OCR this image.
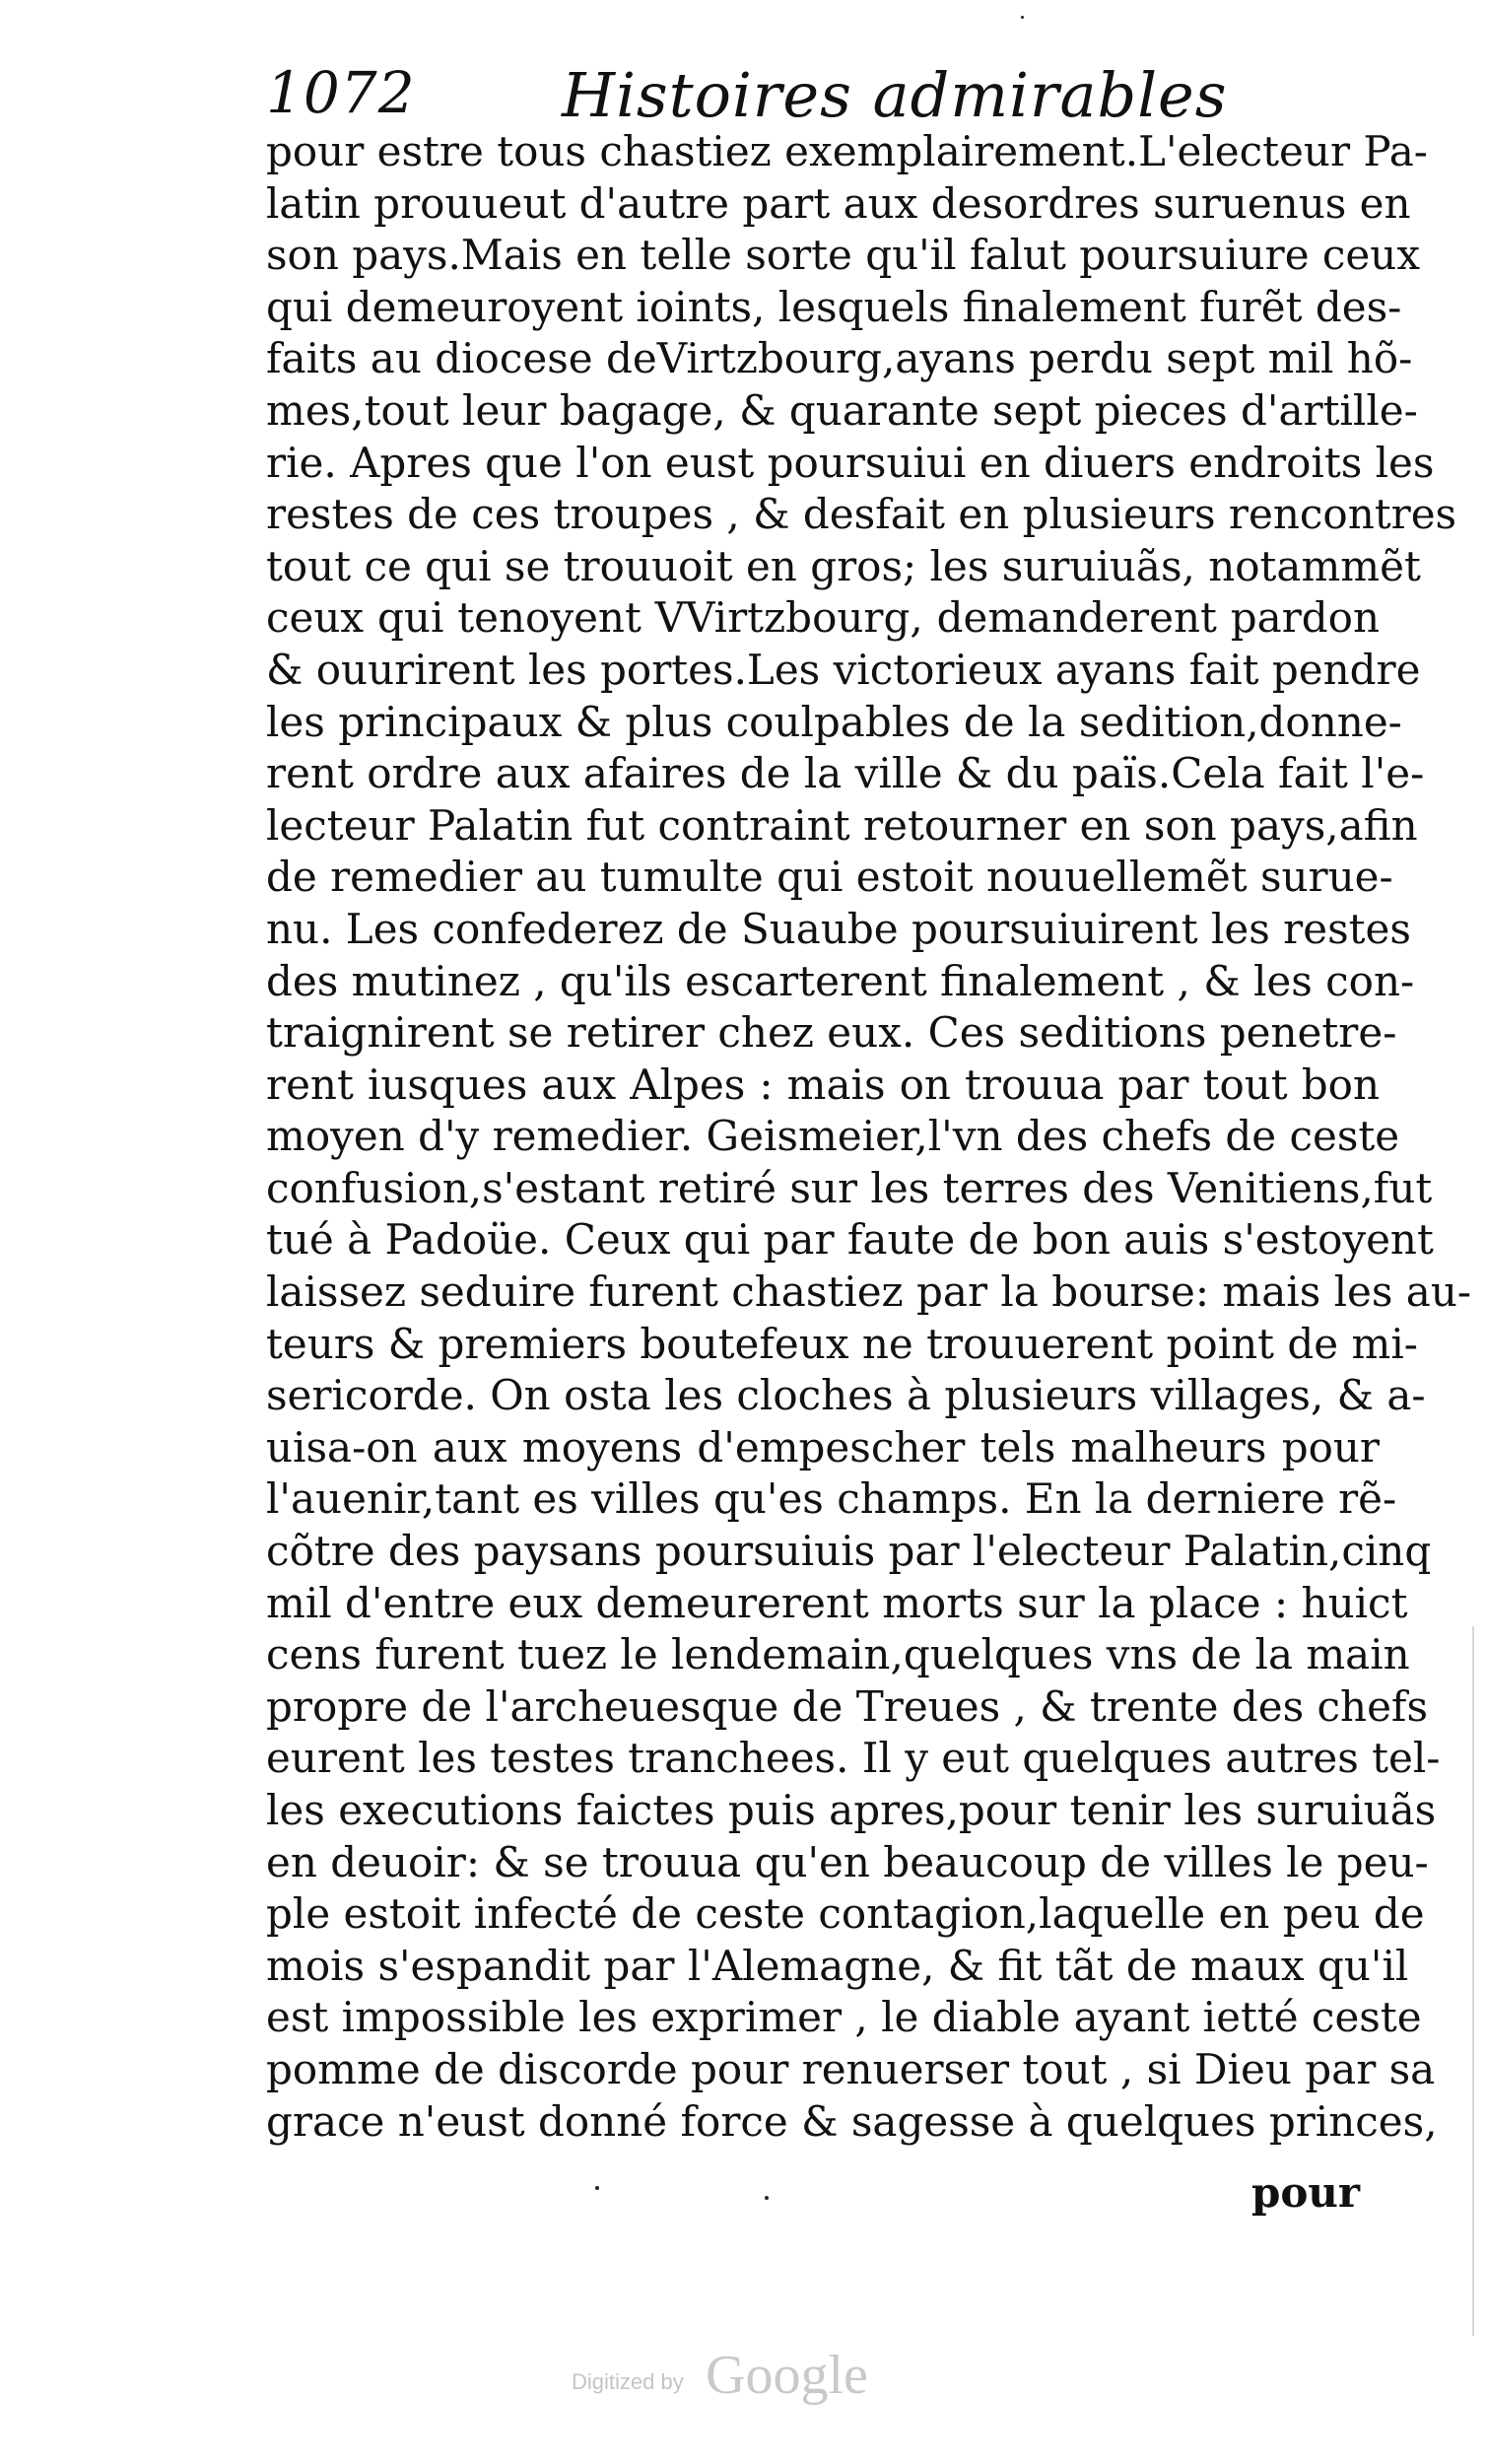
1072 Histoires admirables
pour estre tous chastiez exemplairement.L'electeur Pa-
latin prouueut d'autre part aux desordres suruenus en
son pays.Mais en telle sorte qu'il falut poursuiure ceux
qui demeuroyent ioints, lesquels finalement furẽt des-
faits au diocese deVirtzbourg,ayans perdu sept mil hõ-
mes,tout leur bagage, & quarante sept pieces d'artille-
rie. Apres que l'on eust poursuiui en diuers endroits les
restes de ces troupes , & desfait en plusieurs rencontres
tout ce qui se trouuoit en gros; les suruiuãs, notammẽt
ceux qui tenoyent VVirtzbourg, demanderent pardon
& ouurirent les portes.Les victorieux ayans fait pendre
les principaux & plus coulpables de la sedition,donne-
rent ordre aux afaires de la ville & du païs.Cela fait l'e-
lecteur Palatin fut contraint retourner en son pays,afin
de remedier au tumulte qui estoit nouuellemẽt surue-
nu. Les confederez de Suaube poursuiuirent les restes
des mutinez , qu'ils escarterent finalement , & les con-
traignirent se retirer chez eux. Ces seditions penetre-
rent iusques aux Alpes : mais on trouua par tout bon
moyen d'y remedier. Geismeier,l'vn des chefs de ceste
confusion,s'estant retiré sur les terres des Venitiens,fut
tué à Padoüe. Ceux qui par faute de bon auis s'estoyent
laissez seduire furent chastiez par la bourse: mais les au-
teurs & premiers boutefeux ne trouuerent point de mi-
sericorde. On osta les cloches à plusieurs villages, & a-
uisa-on aux moyens d'empescher tels malheurs pour
l'auenir,tant es villes qu'es champs. En la derniere rẽ-
cõtre des paysans poursuiuis par l'electeur Palatin,cinq
mil d'entre eux demeurerent morts sur la place : huict
cens furent tuez le lendemain,quelques vns de la main
propre de l'archeuesque de Treues , & trente des chefs
eurent les testes tranchees. Il y eut quelques autres tel-
les executions faictes puis apres,pour tenir les suruiuãs
en deuoir: & se trouua qu'en beaucoup de villes le peu-
ple estoit infecté de ceste contagion,laquelle en peu de
mois s'espandit par l'Alemagne, & fit tãt de maux qu'il
est impossible les exprimer , le diable ayant ietté ceste
pomme de discorde pour renuerser tout , si Dieu par sa
grace n'eust donné force & sagesse à quelques princes,
pour
Digitized by Google
